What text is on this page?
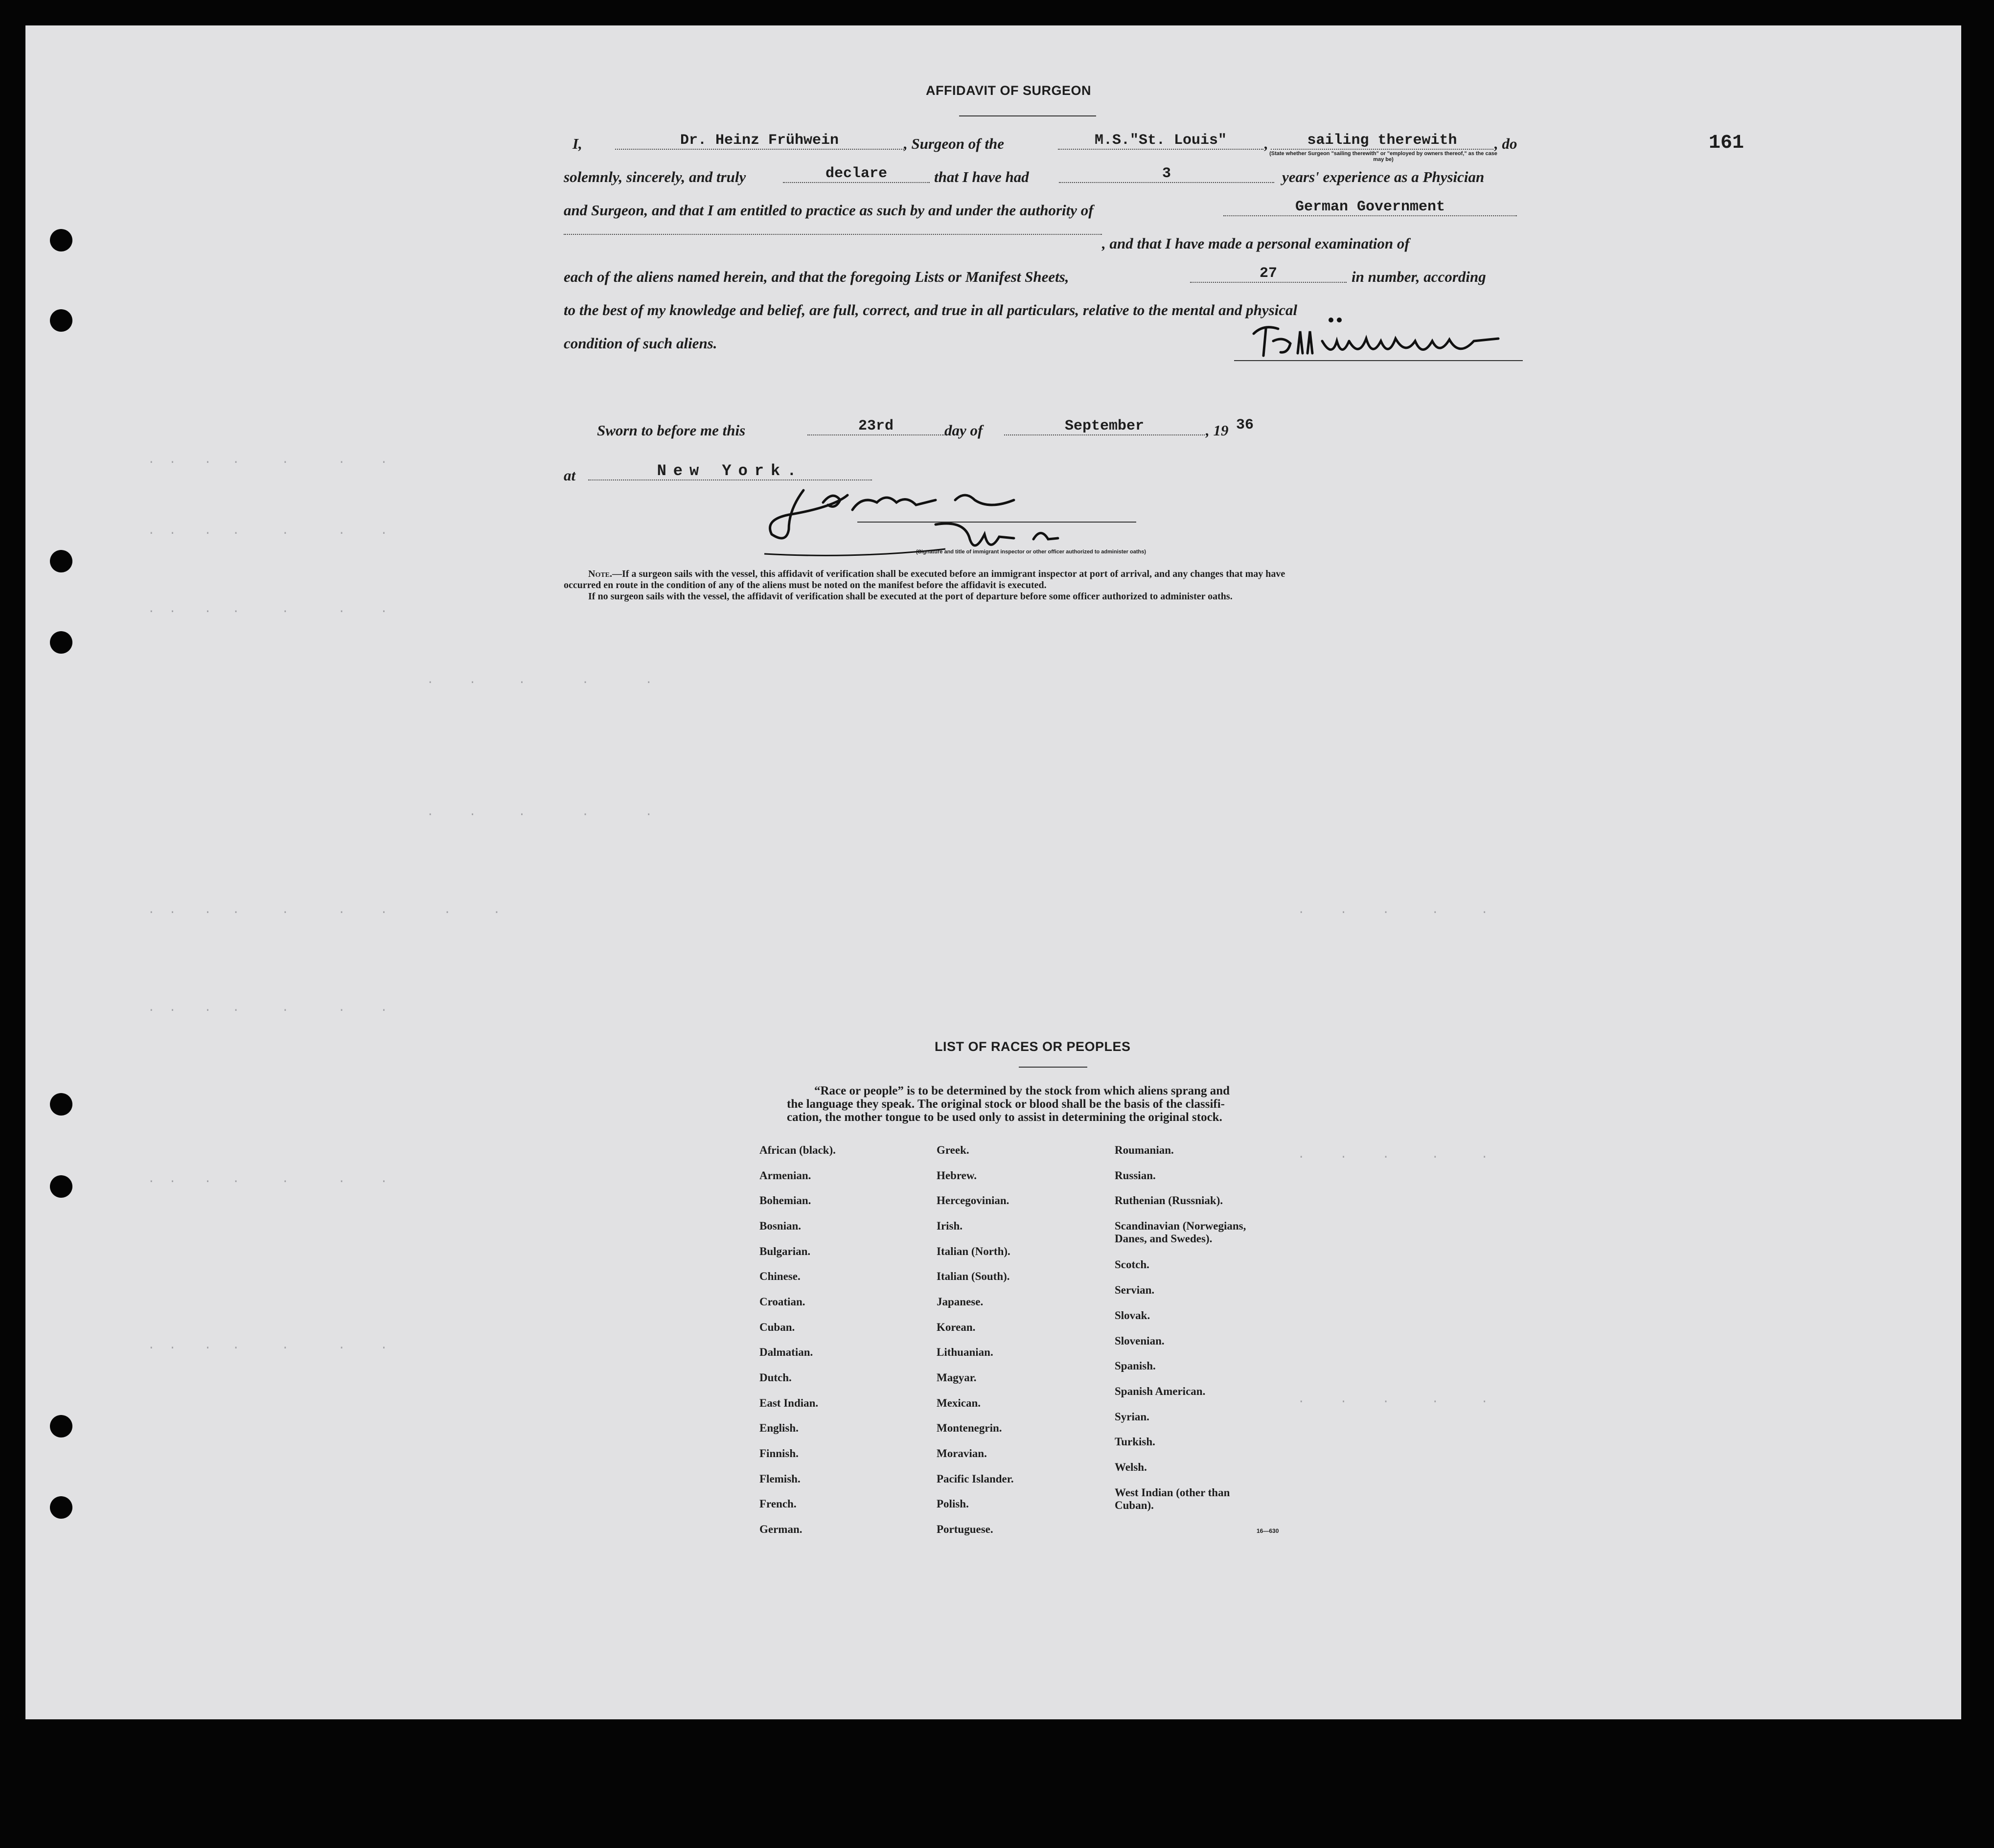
·  ·    ·   ·      ·       ·     ·
·  ·    ·   ·      ·       ·     ·
·  ·    ·   ·      ·       ·     ·
·     ·      ·        ·        ·
·     ·      ·        ·        ·
·  ·    ·   ·      ·       ·     ·        ·      ·
·  ·    ·   ·      ·       ·     ·
·  ·    ·   ·      ·       ·     ·
·  ·    ·   ·      ·       ·     ·
·     ·     ·      ·      ·
·     ·     ·      ·      ·
·     ·     ·      ·      ·
161
AFFIDAVIT OF SURGEON
I,	Dr. Heinz Frühwein	, Surgeon of the	M.S."St. Louis"	,	sailing therewith	, do
(State whether Surgeon "sailing therewith" or "employed by owners thereof," as the case may be)
solemnly, sincerely, and truly	declare	that I have had	3	years' experience as a Physician
and Surgeon, and that I am entitled to practice as such by and under the authority of	German Government
, and that I have made a personal examination of
each of the aliens named herein, and that the foregoing Lists or Manifest Sheets,	27	in number, according
to the best of my knowledge and belief, are full, correct, and true in all particulars, relative to the mental and physical
condition of such aliens.
Sworn to before me this	23rd	day of	September	, 19 36
at	New York.
(Signature and title of immigrant inspector or other officer authorized to administer oaths)
Note.—If a surgeon sails with the vessel, this affidavit of verification shall be executed before an immigrant inspector at port of arrival, and any changes that may have
occurred en route in the condition of any of the aliens must be noted on the manifest before the affidavit is executed.
If no surgeon sails with the vessel, the affidavit of verification shall be executed at the port of departure before some officer authorized to administer oaths.
LIST OF RACES OR PEOPLES
“Race or people” is to be determined by the stock from which aliens sprang and
the language they speak. The original stock or blood shall be the basis of the classifi-
cation, the mother tongue to be used only to assist in determining the original stock.
African (black).
Armenian.
Bohemian.
Bosnian.
Bulgarian.
Chinese.
Croatian.
Cuban.
Dalmatian.
Dutch.
East Indian.
English.
Finnish.
Flemish.
French.
German.
Greek.
Hebrew.
Hercegovinian.
Irish.
Italian (North).
Italian (South).
Japanese.
Korean.
Lithuanian.
Magyar.
Mexican.
Montenegrin.
Moravian.
Pacific Islander.
Polish.
Portuguese.
Roumanian.
Russian.
Ruthenian (Russniak).
Scandinavian (Norwegians, Danes, and Swedes).
Scotch.
Servian.
Slovak.
Slovenian.
Spanish.
Spanish American.
Syrian.
Turkish.
Welsh.
West Indian (other than Cuban).
16—630
